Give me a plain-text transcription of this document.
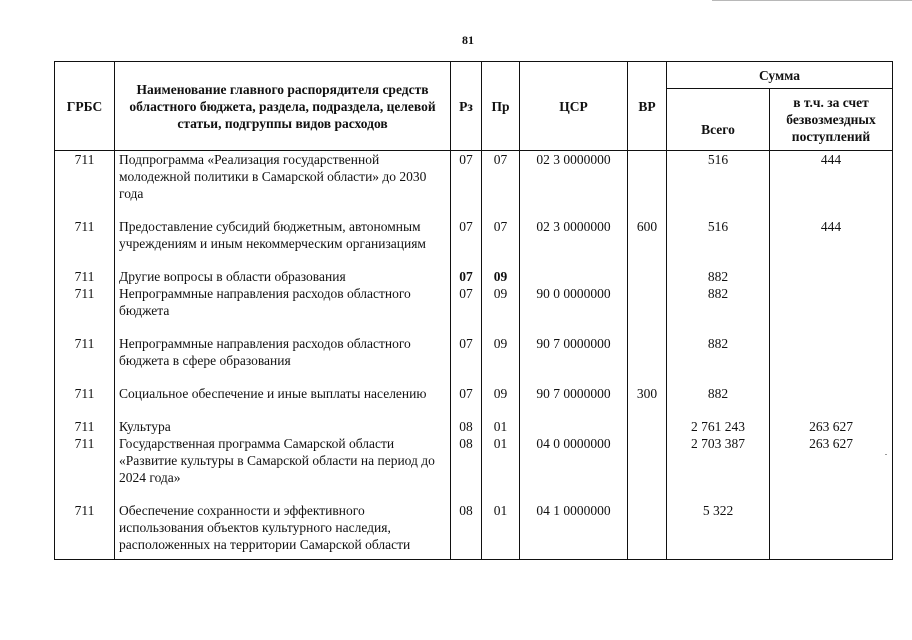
81
ГРБС	Наименование главного распорядителя средств областного бюджета, раздела, подраздела, целевой статьи, подгруппы видов расходов	Рз	Пр	ЦСР	ВР	Сумма	
						Всего	в т.ч. за счет безвозмездных поступлений
711	Подпрограмма «Реализация государственной молодежной политики в Самарской области» до 2030 года	07	07	02 3 0000000		516	444
711	Предоставление субсидий бюджетным, автономным учреждениям и иным некоммерческим организациям	07	07	02 3 0000000	600	516	444
711	Другие вопросы в области образования	07	09			882	
711	Непрограммные направления расходов областного бюджета	07	09	90 0 0000000		882	
711	Непрограммные направления расходов областного бюджета в сфере образования	07	09	90 7 0000000		882	
711	Социальное обеспечение и иные выплаты населению	07	09	90 7 0000000	300	882	
711	Культура	08	01			2 761 243	263 627
711	Государственная программа Самарской области «Развитие культуры в Самарской области на период до 2024 года»	08	01	04 0 0000000		2 703 387	263 627
711	Обеспечение сохранности и эффективного использования объектов культурного наследия, расположенных на территории Самарской области	08	01	04 1 0000000		5 322	
